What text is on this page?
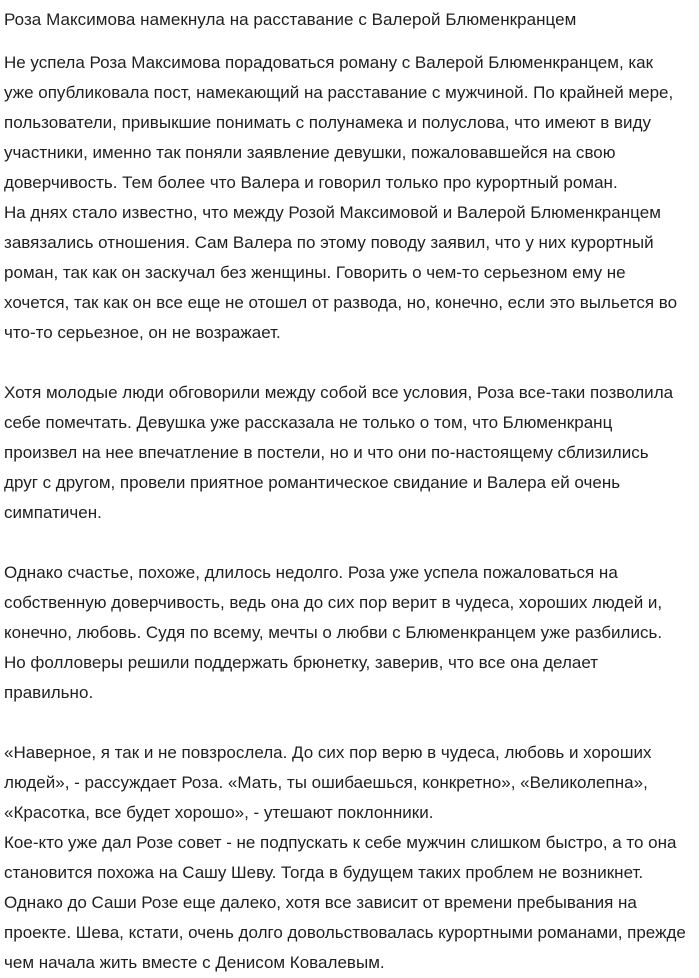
Роза Максимова намекнула на расставание с Валерой Блюменкранцем

Не успела Роза Максимова порадоваться роману с Валерой Блюменкранцем, как уже опубликовала пост, намекающий на расставание с мужчиной. По крайней мере, пользователи, привыкшие понимать с полунамека и полуслова, что имеют в виду участники, именно так поняли заявление девушки, пожаловавшейся на свою доверчивость. Тем более что Валера и говорил только про курортный роман.

На днях стало известно, что между Розой Максимовой и Валерой Блюменкранцем завязались отношения. Сам Валера по этому поводу заявил, что у них курортный роман, так как он заскучал без женщины. Говорить о чем-то серьезном ему не хочется, так как он все еще не отошел от развода, но, конечно, если это выльется во что-то серьезное, он не возражает.

Хотя молодые люди обговорили между собой все условия, Роза все-таки позволила себе помечтать. Девушка уже рассказала не только о том, что Блюменкранц произвел на нее впечатление в постели, но и что они по-настоящему сблизились друг с другом, провели приятное романтическое свидание и Валера ей очень симпатичен.

Однако счастье, похоже, длилось недолго. Роза уже успела пожаловаться на собственную доверчивость, ведь она до сих пор верит в чудеса, хороших людей и, конечно, любовь. Судя по всему, мечты о любви с Блюменкранцем уже разбились. Но фолловеры решили поддержать брюнетку, заверив, что все она делает правильно.

«Наверное, я так и не повзрослела. До сих пор верю в чудеса, любовь и хороших людей», - рассуждает Роза. «Мать, ты ошибаешься, конкретно», «Великолепна», «Красотка, все будет хорошо», - утешают поклонники.

Кое-кто уже дал Розе совет - не подпускать к себе мужчин слишком быстро, а то она становится похожа на Сашу Шеву. Тогда в будущем таких проблем не возникнет. Однако до Саши Розе еще далеко, хотя все зависит от времени пребывания на проекте. Шева, кстати, очень долго довольствовалась курортными романами, прежде чем начала жить вместе с Денисом Ковалевым.
